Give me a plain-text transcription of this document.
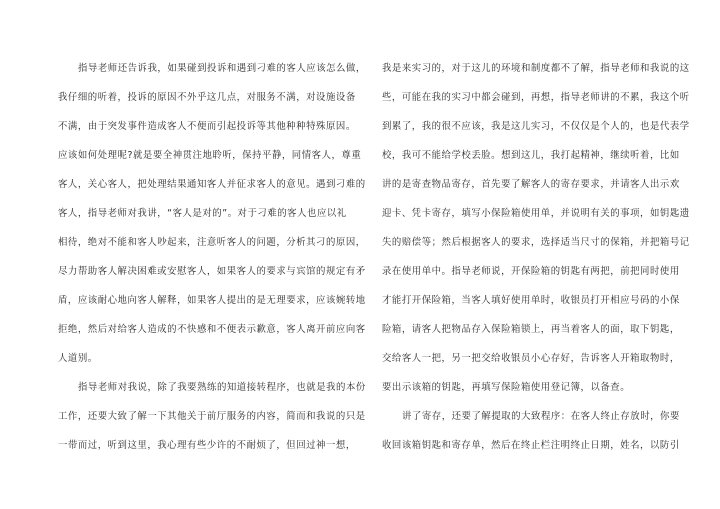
指导老师还告诉我，如果碰到投诉和遇到刁难的客人应该怎么做，
我仔细的听着，投诉的原因不外乎这几点，对服务不满，对设施设备
不满，由于突发事件造成客人不便而引起投诉等其他种种特殊原因。
应该如何处理呢?就是要全神贯注地聆听，保持平静，同情客人，尊重
客人，关心客人，把处理结果通知客人并征求客人的意见。遇到刁难的
客人，指导老师对我讲，“客人是对的”。对于刁难的客人也应以礼
相待，绝对不能和客人吵起来，注意听客人的问题，分析其刁的原因，
尽力帮助客人解决困难或安慰客人，如果客人的要求与宾馆的规定有矛
盾，应该耐心地向客人解释，如果客人提出的是无理要求，应该婉转地
拒绝，然后对给客人造成的不快感和不便表示歉意，客人离开前应向客
人道别。
指导老师对我说，除了我要熟练的知道接转程序，也就是我的本份
工作，还要大致了解一下其他关于前厅服务的内容，简而和我说的只是
一带而过，听到这里，我心理有些少许的不耐烦了，但回过神一想，
我是来实习的，对于这儿的环境和制度都不了解，指导老师和我说的这
些，可能在我的实习中都会碰到，再想，指导老师讲的不累，我这个听
到累了，我的很不应该，我是这儿实习，不仅仅是个人的，也是代表学
校，我可不能给学校丢脸。想到这儿，我打起精神，继续听着，比如
讲的是寄查物品寄存，首先要了解客人的寄存要求，并请客人出示欢
迎卡、凭卡寄存，填写小保险箱使用单，并说明有关的事项，如钥匙遗
失的赔偿等；然后根据客人的要求，选择适当尺寸的保箱，并把箱号记
录在使用单中。指导老师说，开保险箱的钥匙有两把，前把同时使用
才能打开保险箱，当客人填好使用单时，收银员打开相应号码的小保
险箱，请客人把物品存入保险箱锁上，再当着客人的面，取下钥匙，
交给客人一把，另一把交给收银员小心存好，告诉客人开箱取物时，
要出示该箱的钥匙，再填写保险箱使用登记簿，以备查。
讲了寄存，还要了解提取的大致程序：在客人终止存放时，你要
收回该箱钥匙和寄存单，然后在终止栏注明终止日期，姓名，以防引
